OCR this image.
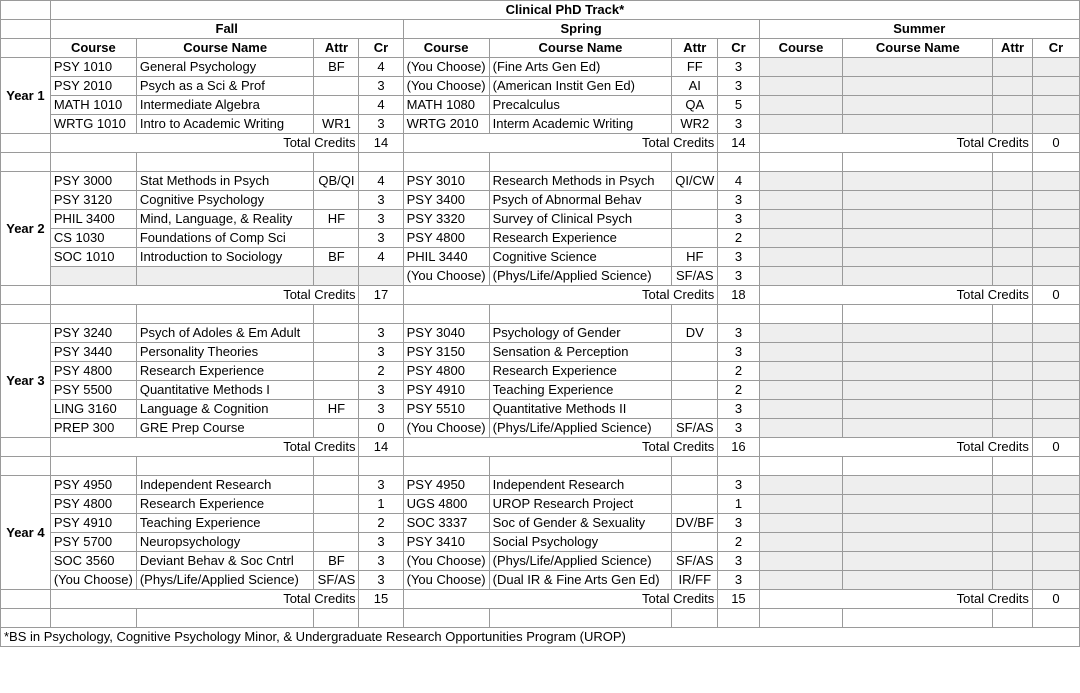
	Clinical PhD Track*											
	Fall				Spring				Summer			
	Course	Course Name	Attr	Cr	Course	Course Name	Attr	Cr	Course	Course Name	Attr	Cr
Year 1	PSY 1010	General Psychology	BF	4	(You Choose)	(Fine Arts Gen Ed)	FF	3				
	PSY 2010	Psych as a Sci & Prof		3	(You Choose)	(American Instit Gen Ed)	AI	3				
	MATH 1010	Intermediate Algebra		4	MATH 1080	Precalculus	QA	5				
	WRTG 1010	Intro to Academic Writing	WR1	3	WRTG 2010	Interm Academic Writing	WR2	3				
	Total Credits			14	Total Credits			14	Total Credits			0

Year 2	PSY 3000	Stat Methods in Psych	QB/QI	4	PSY 3010	Research Methods in Psych	QI/CW	4				
	PSY 3120	Cognitive Psychology		3	PSY 3400	Psych of Abnormal Behav		3				
	PHIL 3400	Mind, Language, & Reality	HF	3	PSY 3320	Survey of Clinical Psych		3				
	CS 1030	Foundations of Comp Sci		3	PSY 4800	Research Experience		2				
	SOC 1010	Introduction to Sociology	BF	4	PHIL 3440	Cognitive Science	HF	3				
					(You Choose)	(Phys/Life/Applied Science)	SF/AS	3				
	Total Credits			17	Total Credits			18	Total Credits			0

Year 3	PSY 3240	Psych of Adoles & Em Adult		3	PSY 3040	Psychology of Gender	DV	3				
	PSY 3440	Personality Theories		3	PSY 3150	Sensation & Perception		3				
	PSY 4800	Research Experience		2	PSY 4800	Research Experience		2				
	PSY 5500	Quantitative Methods I		3	PSY 4910	Teaching Experience		2				
	LING 3160	Language & Cognition	HF	3	PSY 5510	Quantitative Methods II		3				
	PREP 300	GRE Prep Course		0	(You Choose)	(Phys/Life/Applied Science)	SF/AS	3				
	Total Credits			14	Total Credits			16	Total Credits			0

Year 4	PSY 4950	Independent Research		3	PSY 4950	Independent Research		3				
	PSY 4800	Research Experience		1	UGS 4800	UROP Research Project		1				
	PSY 4910	Teaching Experience		2	SOC 3337	Soc of Gender & Sexuality	DV/BF	3				
	PSY 5700	Neuropsychology		3	PSY 3410	Social Psychology		2				
	SOC 3560	Deviant Behav & Soc Cntrl	BF	3	(You Choose)	(Phys/Life/Applied Science)	SF/AS	3				
	(You Choose)	(Phys/Life/Applied Science)	SF/AS	3	(You Choose)	(Dual IR & Fine Arts Gen Ed)	IR/FF	3				
	Total Credits			15	Total Credits			15	Total Credits			0

*BS in Psychology, Cognitive Psychology Minor, & Undergraduate Research Opportunities Program (UROP)												
